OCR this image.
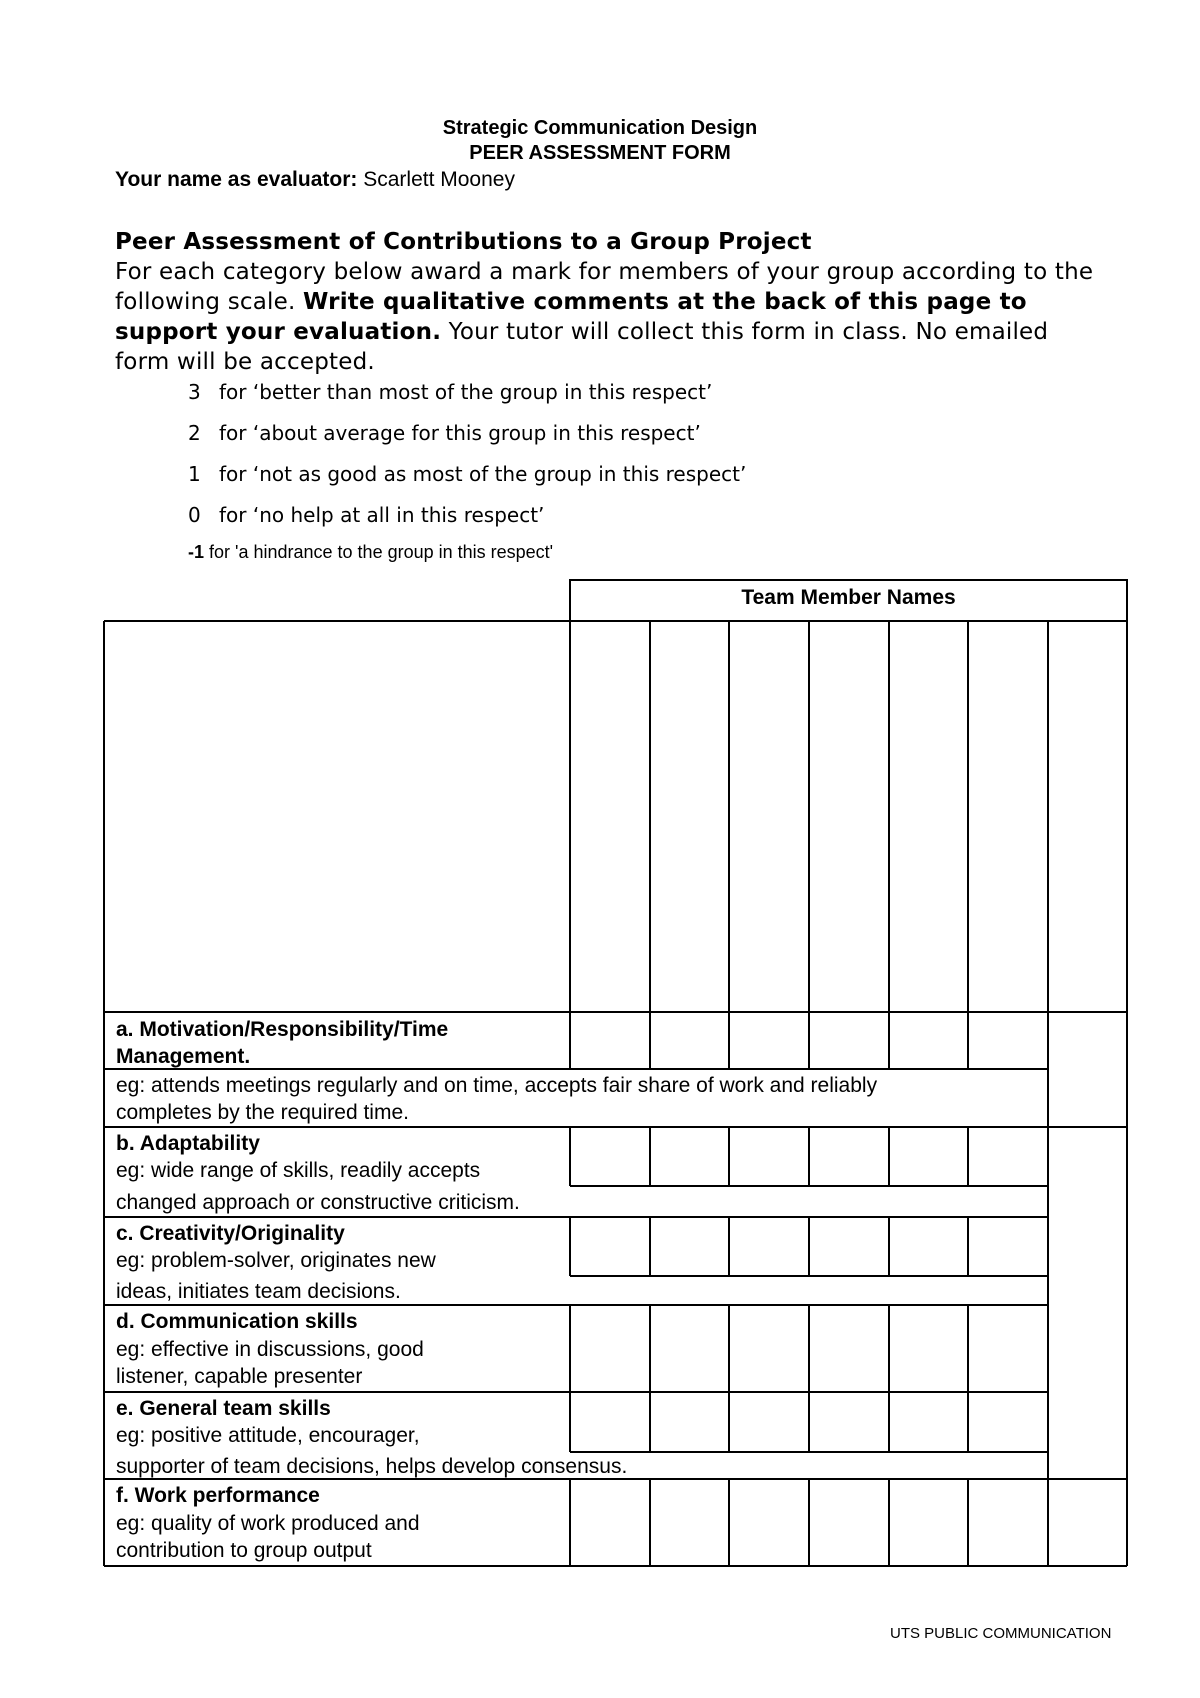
Strategic Communication Design
PEER ASSESSMENT FORM
Your name as evaluator: Scarlett Mooney
Peer Assessment of Contributions to a Group Project
For each category below award a mark for members of your group according to the
following scale. Write qualitative comments at the back of this page to
support your evaluation. Your tutor will collect this form in class. No emailed
form will be accepted.
3 for ‘better than most of the group in this respect’
2 for ‘about average for this group in this respect’
1 for ‘not as good as most of the group in this respect’
0 for ‘no help at all in this respect’
-1 for 'a hindrance to the group in this respect'
Team Member Names
a. Motivation/Responsibility/Time
Management.
eg: attends meetings regularly and on time, accepts fair share of work and reliably
completes by the required time.
b. Adaptability
eg: wide range of skills, readily accepts
changed approach or constructive criticism.
c. Creativity/Originality
eg: problem-solver, originates new
ideas, initiates team decisions.
d. Communication skills
eg: effective in discussions, good
listener, capable presenter
e. General team skills
eg: positive attitude, encourager,
supporter of team decisions, helps develop consensus.
f. Work performance
eg: quality of work produced and
contribution to group output
UTS PUBLIC COMMUNICATION
